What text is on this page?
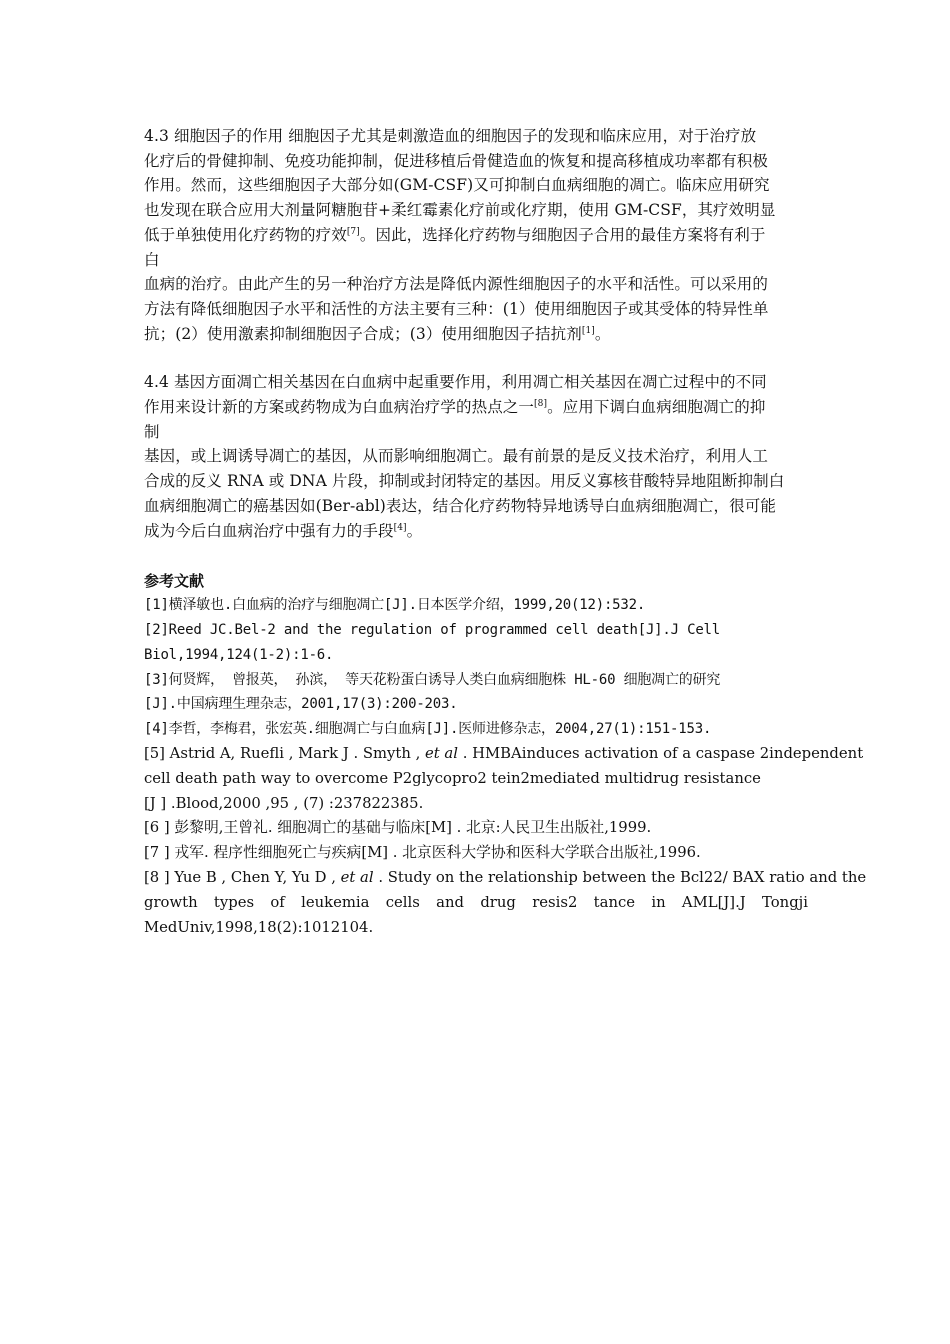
4.3 细胞因子的作用 细胞因子尤其是刺激造血的细胞因子的发现和临床应用，对于治疗放
化疗后的骨健抑制、免疫功能抑制，促进移植后骨健造血的恢复和提高移植成功率都有积极
作用。然而，这些细胞因子大部分如(GM-CSF)又可抑制白血病细胞的凋亡。临床应用研究
也发现在联合应用大剂量阿糖胞苷+柔红霉素化疗前或化疗期，使用 GM-CSF，其疗效明显
低于单独使用化疗药物的疗效[7]。因此，选择化疗药物与细胞因子合用的最佳方案将有利于
白
血病的治疗。由此产生的另一种治疗方法是降低内源性细胞因子的水平和活性。可以采用的
方法有降低细胞因子水平和活性的方法主要有三种：(1）使用细胞因子或其受体的特异性单
抗；(2）使用激素抑制细胞因子合成；(3）使用细胞因子拮抗剂[1]。
4.4 基因方面凋亡相关基因在白血病中起重要作用，利用凋亡相关基因在凋亡过程中的不同
作用来设计新的方案或药物成为白血病治疗学的热点之一[8]。应用下调白血病细胞凋亡的抑
制
基因，或上调诱导凋亡的基因，从而影响细胞凋亡。最有前景的是反义技术治疗，利用人工
合成的反义 RNA 或 DNA 片段，抑制或封闭特定的基因。用反义寡核苷酸特异地阻断抑制白
血病细胞凋亡的癌基因如(Ber-abl)表达，结合化疗药物特异地诱导白血病细胞凋亡，很可能
成为今后白血病治疗中强有力的手段[4]。
参考文献
[1]横泽敏也.白血病的治疗与细胞凋亡[J].日本医学介绍，1999,20(12):532.
[2]Reed JC.Bel-2 and the regulation of programmed cell death[J].J Cell
Biol,1994,124(1-2):1-6.
[3]何贤辉， 曾报英， 孙滨， 等天花粉蛋白诱导人类白血病细胞株 HL-60 细胞凋亡的研究
[J].中国病理生理杂志，2001,17(3):200-203.
[4]李哲，李梅君，张宏英.细胞凋亡与白血病[J].医师进修杂志，2004,27(1):151-153.
[5] Astrid A, Ruefli , Mark J . Smyth , et al . HMBAinduces activation of a caspase 2independent
cell death path way to overcome P2glycopro2 tein2mediated multidrug resistance
[J ] .Blood,2000 ,95 , (7) :237822385.
[6 ] 彭黎明,王曾礼. 细胞凋亡的基础与临床[M] . 北京:人民卫生出版社,1999.
[7 ] 戎军. 程序性细胞死亡与疾病[M] . 北京医科大学协和医科大学联合出版社,1996.
[8 ] Yue B , Chen Y, Yu D , et al . Study on the relationship between the Bcl22/ BAX ratio and the
growth types of leukemia cells and drug resis2 tance in AML[J].J Tongji
MedUniv,1998,18(2):1012104.
